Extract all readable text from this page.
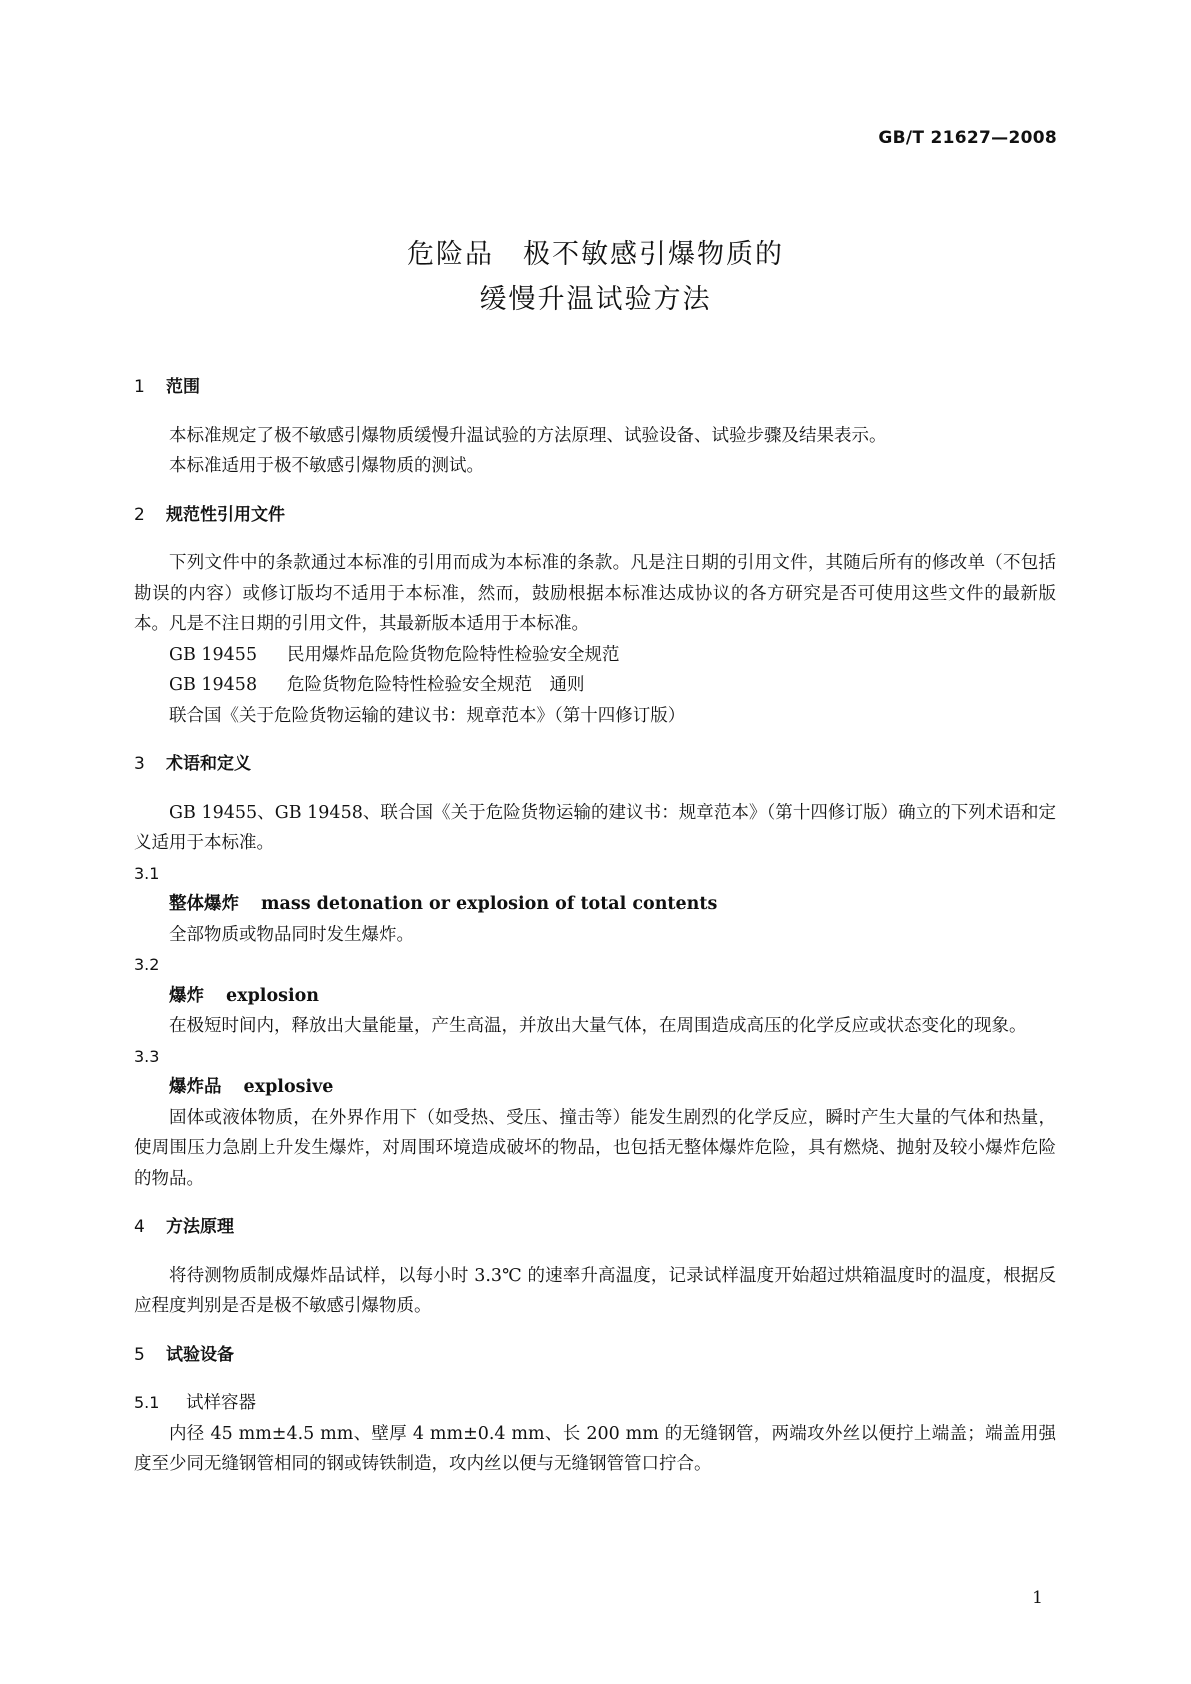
GB/T 21627—2008
危险品　极不敏感引爆物质的
缓慢升温试验方法

1 范围

本标准规定了极不敏感引爆物质缓慢升温试验的方法原理、试验设备、试验步骤及结果表示。

本标准适用于极不敏感引爆物质的测试。

2 规范性引用文件

下列文件中的条款通过本标准的引用而成为本标准的条款。凡是注日期的引用文件，其随后所有的修改单（不包括勘误的内容）或修订版均不适用于本标准，然而，鼓励根据本标准达成协议的各方研究是否可使用这些文件的最新版本。凡是不注日期的引用文件，其最新版本适用于本标准。

GB 19455 民用爆炸品危险货物危险特性检验安全规范

GB 19458 危险货物危险特性检验安全规范　通则

联合国《关于危险货物运输的建议书：规章范本》（第十四修订版）

3 术语和定义

GB 19455、GB 19458、联合国《关于危险货物运输的建议书：规章范本》（第十四修订版）确立的下列术语和定义适用于本标准。

3.1

整体爆炸 mass detonation or explosion of total contents

全部物质或物品同时发生爆炸。

3.2

爆炸 explosion

在极短时间内，释放出大量能量，产生高温，并放出大量气体，在周围造成高压的化学反应或状态变化的现象。

3.3

爆炸品 explosive

固体或液体物质，在外界作用下（如受热、受压、撞击等）能发生剧烈的化学反应，瞬时产生大量的气体和热量，使周围压力急剧上升发生爆炸，对周围环境造成破坏的物品，也包括无整体爆炸危险，具有燃烧、抛射及较小爆炸危险的物品。

4 方法原理

将待测物质制成爆炸品试样，以每小时 3.3℃ 的速率升高温度，记录试样温度开始超过烘箱温度时的温度，根据反应程度判别是否是极不敏感引爆物质。

5 试验设备

5.1 试样容器

内径 45 mm±4.5 mm、壁厚 4 mm±0.4 mm、长 200 mm 的无缝钢管，两端攻外丝以便拧上端盖；端盖用强度至少同无缝钢管相同的钢或铸铁制造，攻内丝以便与无缝钢管管口拧合。

1
